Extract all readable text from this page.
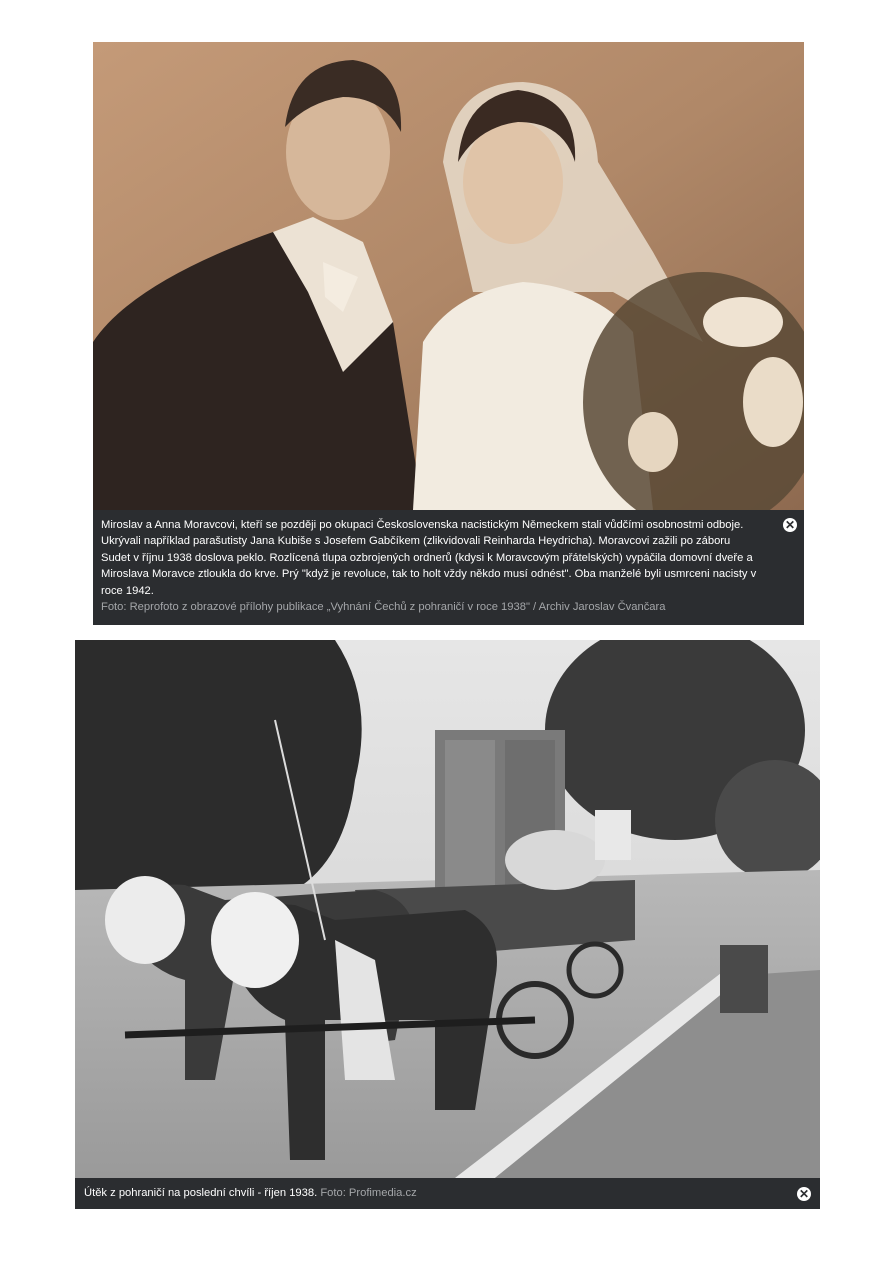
Miroslav a Anna Moravcovi, kteří se později po okupaci Československa nacistickým Německem stali vůdčími osobnostmi odboje. Ukrývali například parašutisty Jana Kubiše s Josefem Gabčíkem (zlikvidovali Reinharda Heydricha). Moravcovi zažili po záboru Sudet v říjnu 1938 doslova peklo. Rozlícená tlupa ozbrojených ordnerů (kdysi k Moravcovým přátelských) vypáčila domovní dveře a Miroslava Moravce ztloukla do krve. Prý "když je revoluce, tak to holt vždy někdo musí odnést". Oba manželé byli usmrceni nacisty v roce 1942.
Foto: Reprofoto z obrazové přílohy publikace „Vyhnání Čechů z pohraničí v roce 1938" / Archiv Jaroslav Čvančara
✕
Útěk z pohraničí na poslední chvíli - říjen 1938. Foto: Profimedia.cz	✕
